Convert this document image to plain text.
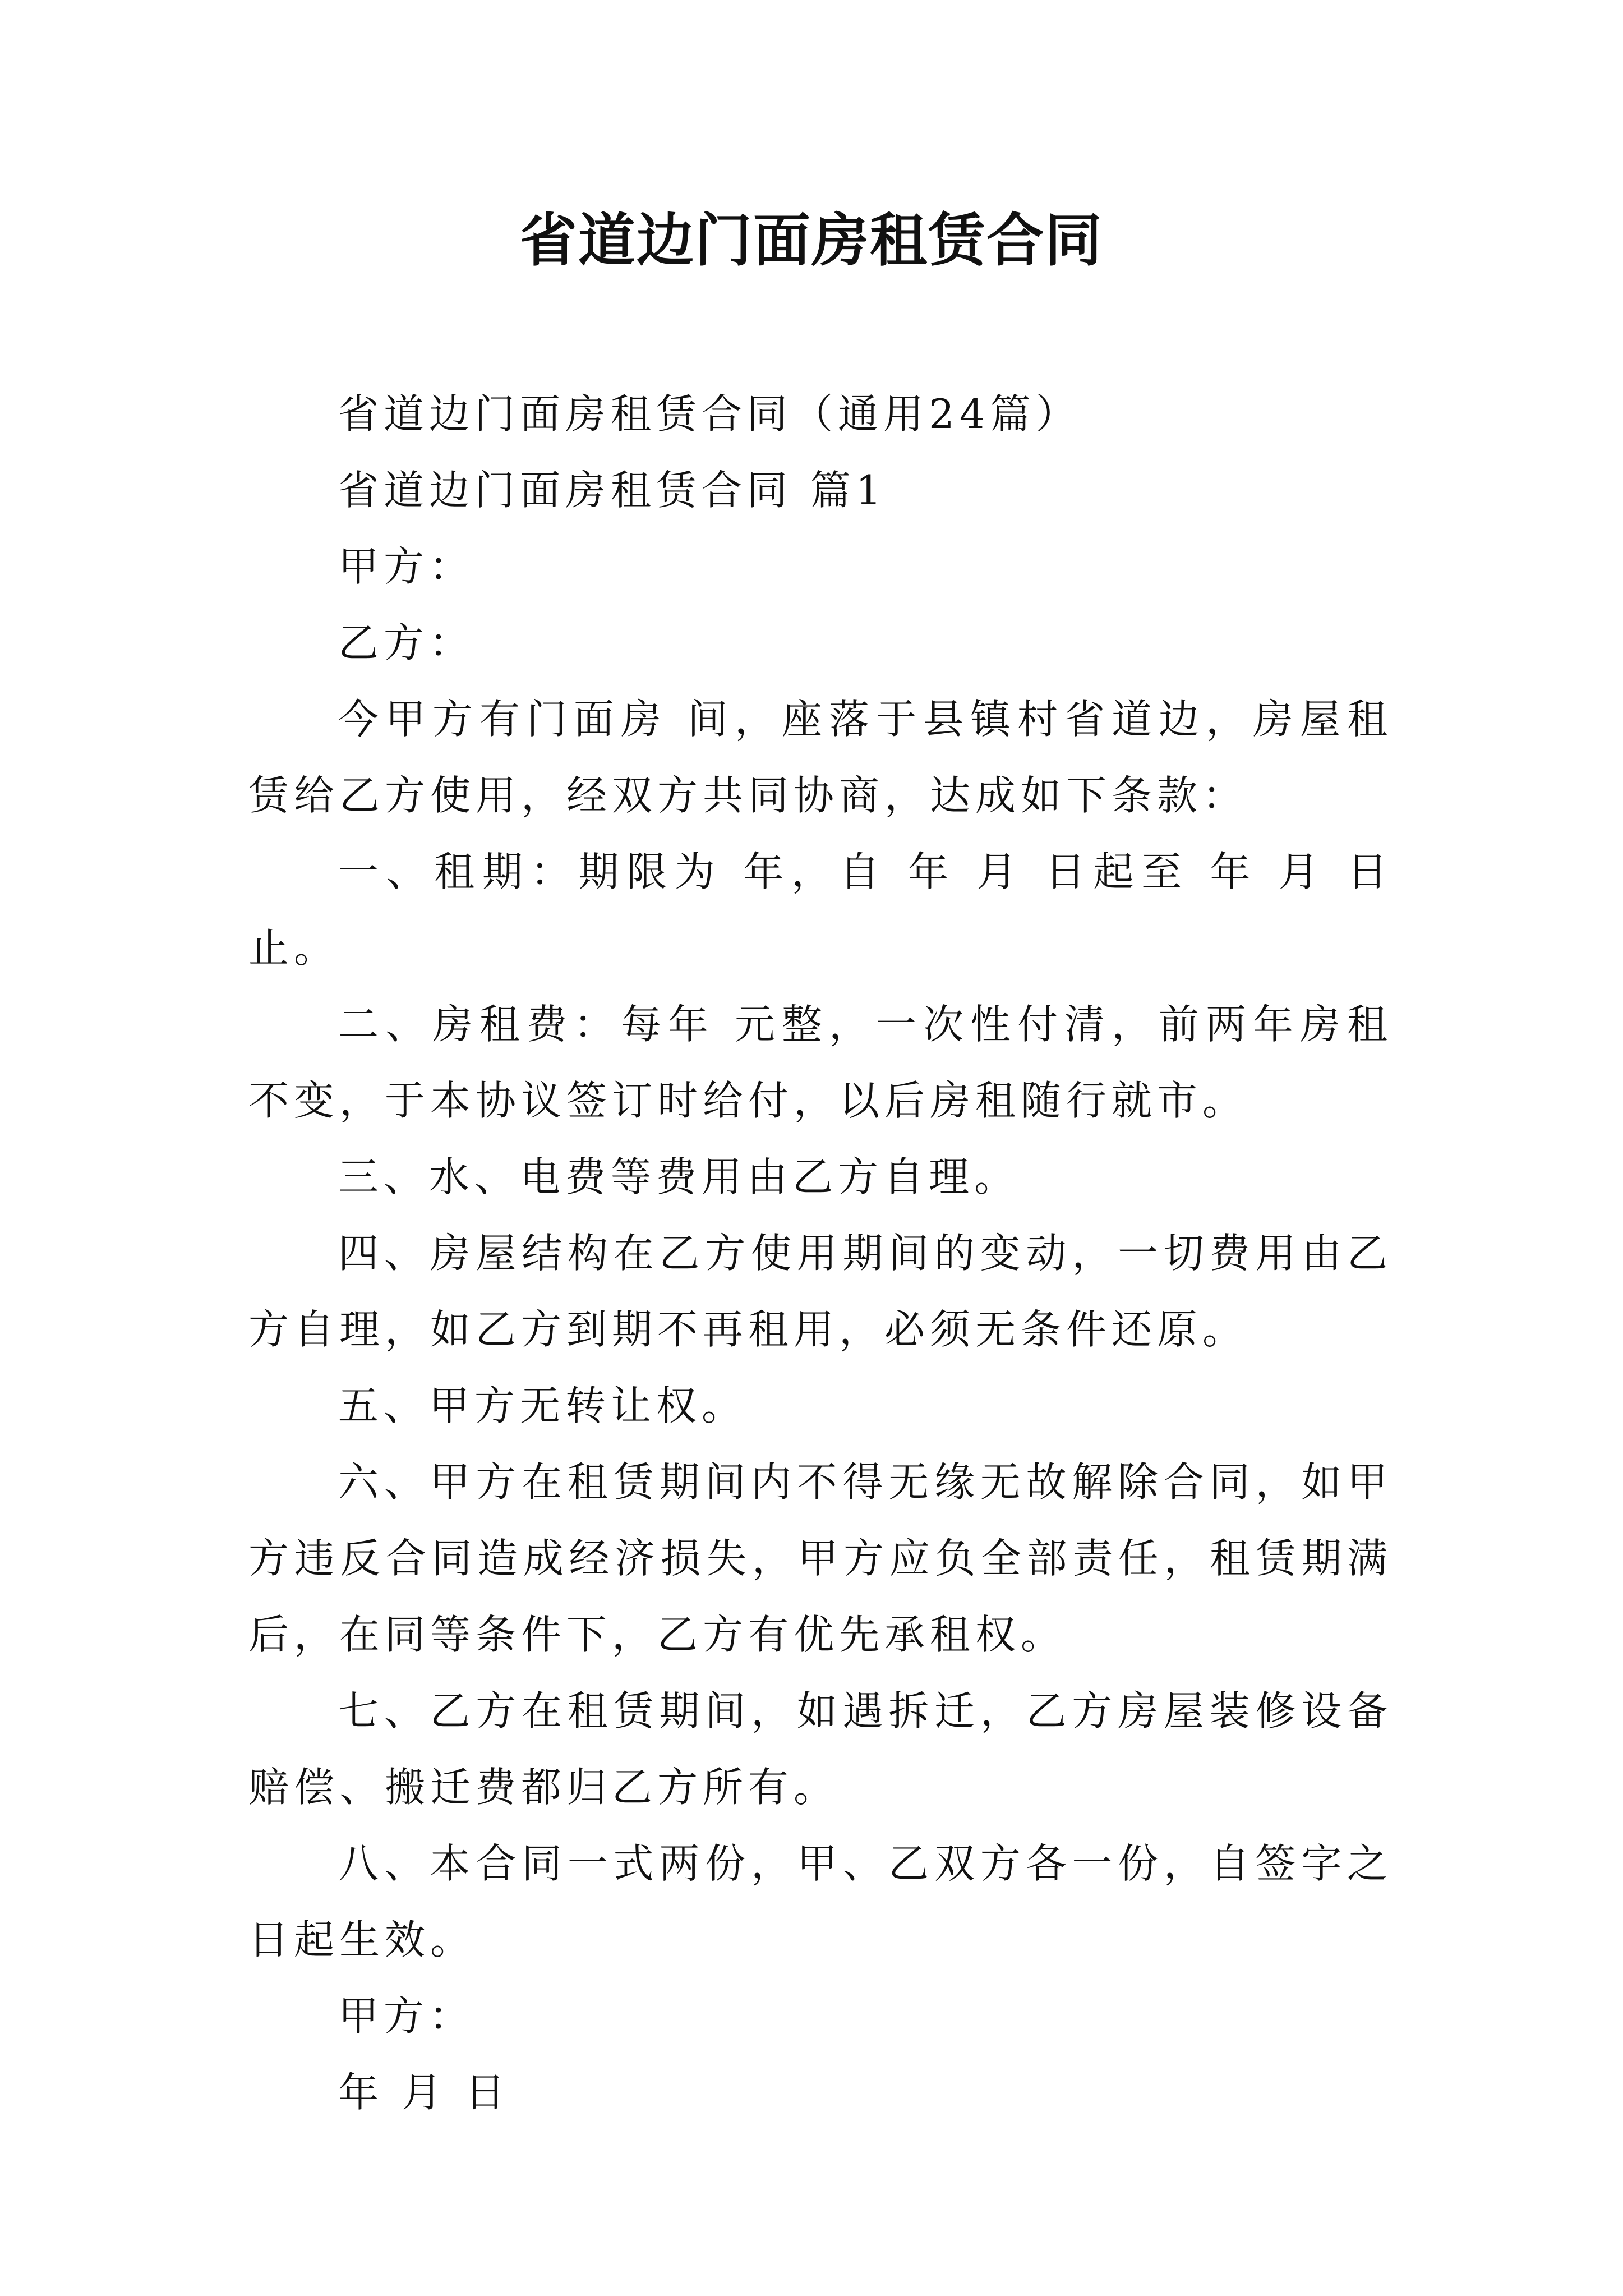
省道边门面房租赁合同

省道边门面房租赁合同（通用24篇）

省道边门面房租赁合同 篇1

甲方：

乙方：

今甲方有门面房 间，座落于县镇村省道边，房屋租赁给乙方使用，经双方共同协商，达成如下条款：

一、租期：期限为 年，自 年 月 日起至 年 月 日止。

二、房租费：每年 元整，一次性付清，前两年房租不变，于本协议签订时给付，以后房租随行就市。

三、水、电费等费用由乙方自理。

四、房屋结构在乙方使用期间的变动，一切费用由乙方自理，如乙方到期不再租用，必须无条件还原。

五、甲方无转让权。

六、甲方在租赁期间内不得无缘无故解除合同，如甲方违反合同造成经济损失，甲方应负全部责任，租赁期满后，在同等条件下，乙方有优先承租权。

七、乙方在租赁期间，如遇拆迁，乙方房屋装修设备赔偿、搬迁费都归乙方所有。

八、本合同一式两份，甲、乙双方各一份，自签字之日起生效。

甲方：

年 月 日
